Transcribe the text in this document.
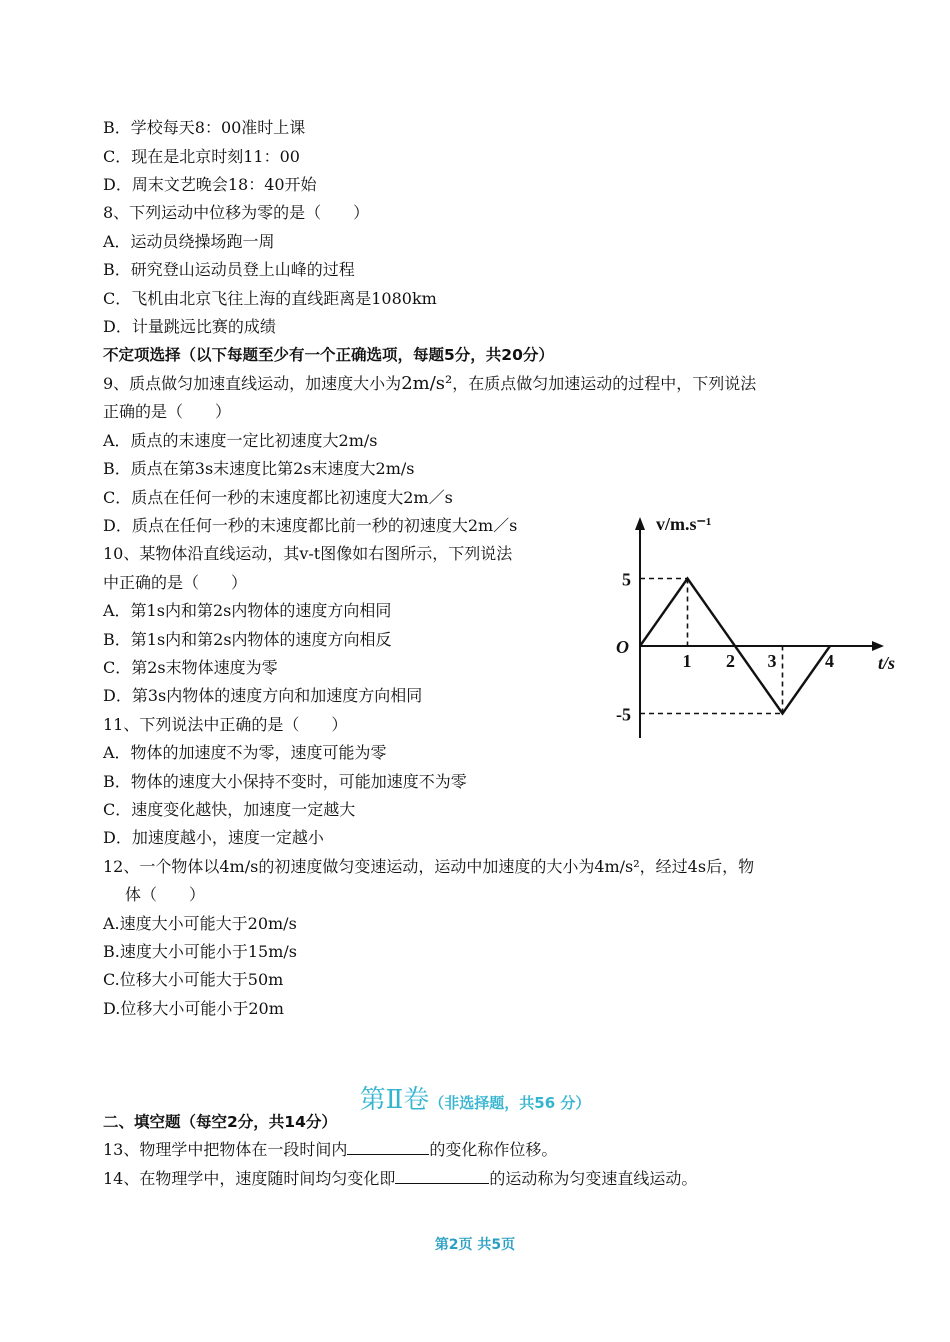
B．学校每天8：00准时上课
C．现在是北京时刻11：00
D．周末文艺晚会18：40开始
8、下列运动中位移为零的是（　　）
A．运动员绕操场跑一周
B．研究登山运动员登上山峰的过程
C．飞机由北京飞往上海的直线距离是1080km
D．计量跳远比赛的成绩
不定项选择（以下每题至少有一个正确选项，每题5分，共20分）
9、质点做匀加速直线运动，加速度大小为2m/s²，在质点做匀加速运动的过程中，下列说法
正确的是（　　）
A．质点的末速度一定比初速度大2m/s
B．质点在第3s末速度比第2s末速度大2m/s
C．质点在任何一秒的末速度都比初速度大2m／s
D．质点在任何一秒的末速度都比前一秒的初速度大2m／s
10、某物体沿直线运动，其v-t图像如右图所示，下列说法
中正确的是（　　）
A．第1s内和第2s内物体的速度方向相同
B．第1s内和第2s内物体的速度方向相反
C．第2s末物体速度为零
D．第3s内物体的速度方向和加速度方向相同
11、下列说法中正确的是（　　）
A．物体的加速度不为零，速度可能为零
B．物体的速度大小保持不变时，可能加速度不为零
C．速度变化越快，加速度一定越大
D．加速度越小，速度一定越小
12、一个物体以4m/s的初速度做匀变速运动，运动中加速度的大小为4m/s²，经过4s后，物
体（　　）
A.速度大小可能大于20m/s
B.速度大小可能小于15m/s
C.位移大小可能大于50m
D.位移大小可能小于20m
第Ⅱ卷（非选择题，共56 分）
二、填空题（每空2分，共14分）
13、物理学中把物体在一段时间内	的变化称作位移。
14、在物理学中，速度随时间均匀变化即	的运动称为匀变速直线运动。
第2页 共5页
v/m.s⁻¹
t/s
O
1 2 3	4
5
-5
